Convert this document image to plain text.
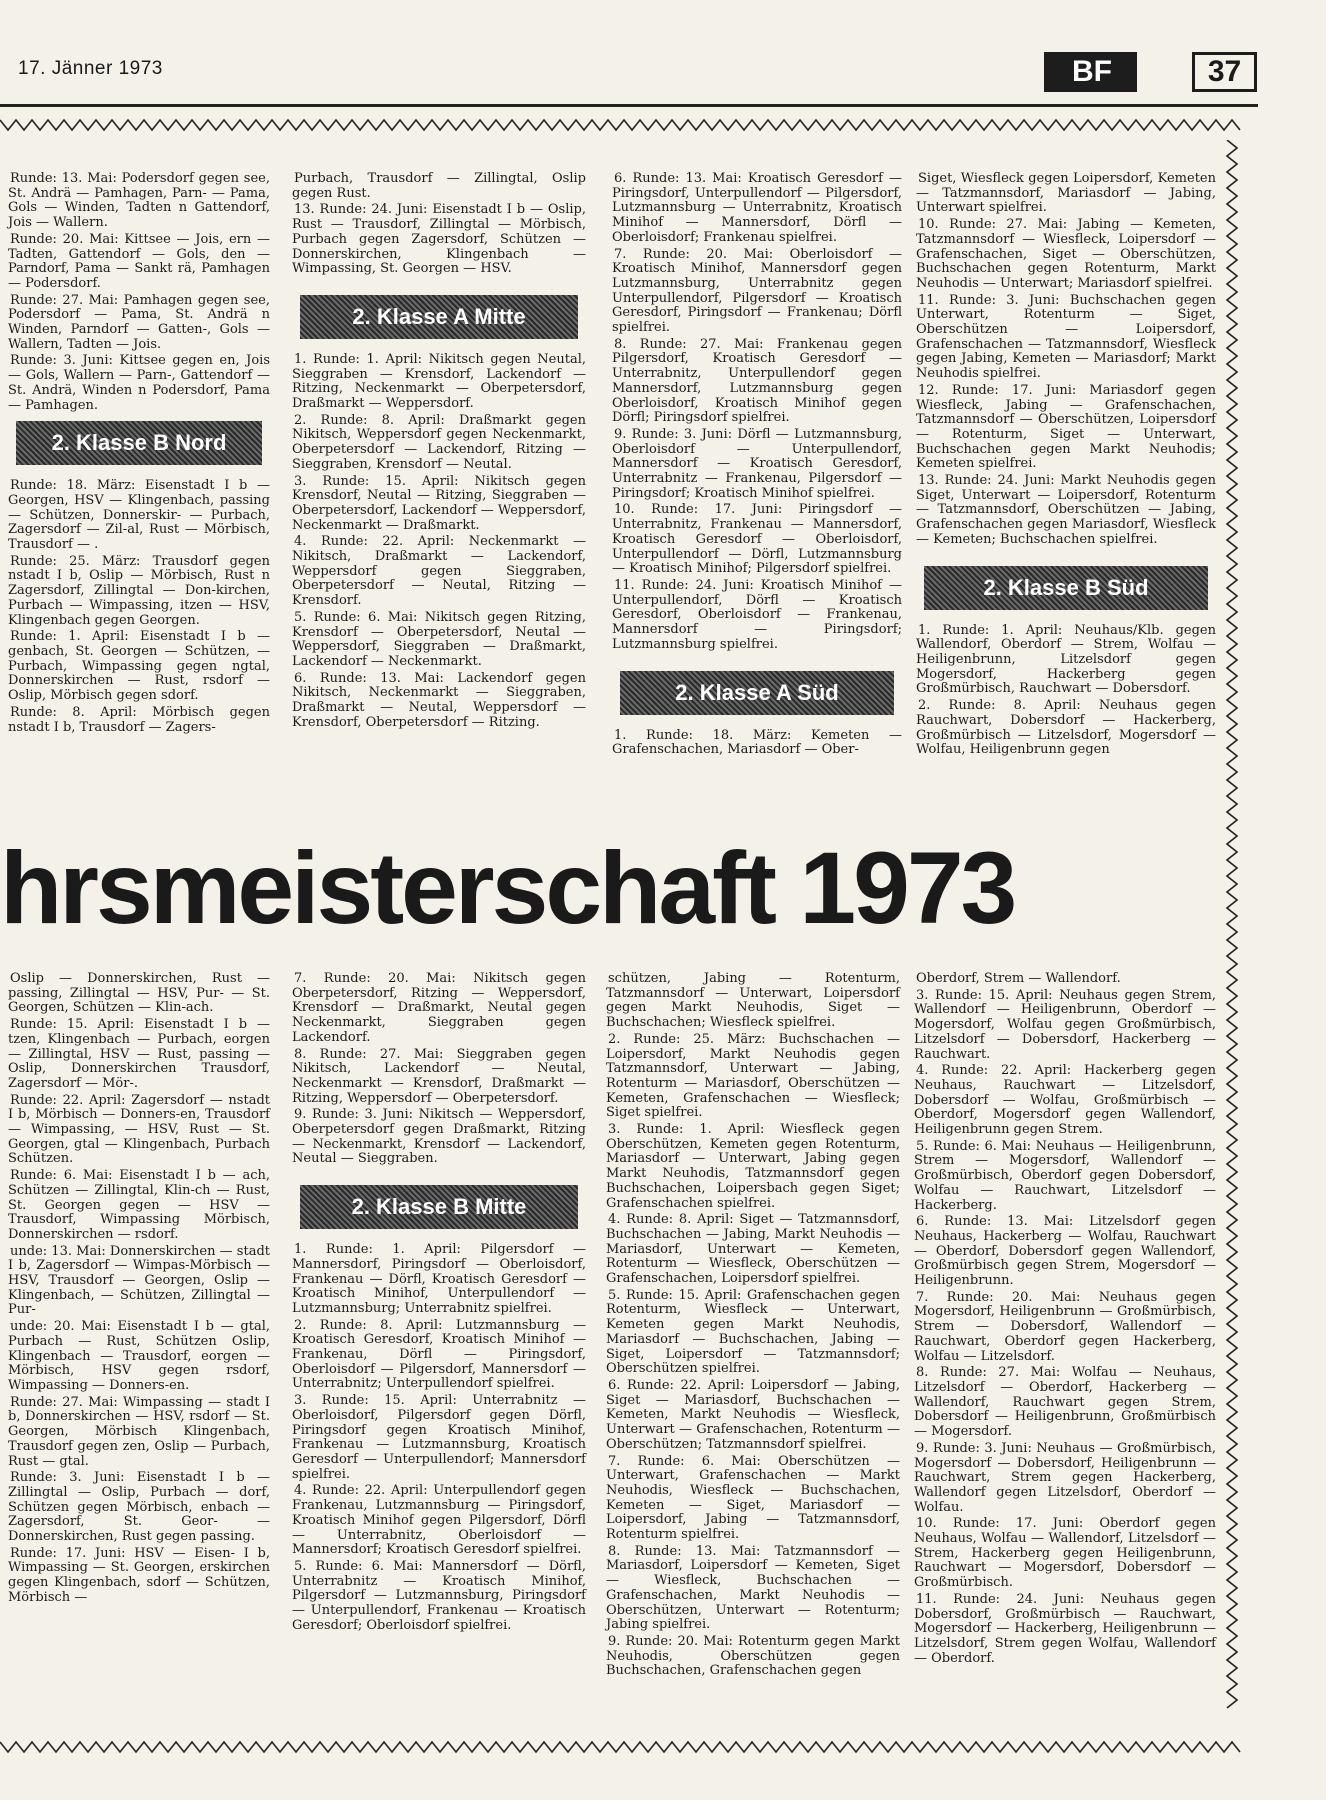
17. Jänner 1973	BF	37

Runde: 13. Mai: Podersdorf gegen see, St. Andrä — Pamhagen, Parn- — Pama, Gols — Winden, Tadten n Gattendorf, Jois — Wallern.

Runde: 20. Mai: Kittsee — Jois, ern — Tadten, Gattendorf — Gols, den — Parndorf, Pama — Sankt rä, Pamhagen — Podersdorf.

Runde: 27. Mai: Pamhagen gegen see, Podersdorf — Pama, St. Andrä n Winden, Parndorf — Gatten-, Gols — Wallern, Tadten — Jois.

Runde: 3. Juni: Kittsee gegen en, Jois — Gols, Wallern — Parn-, Gattendorf — St. Andrä, Winden n Podersdorf, Pama — Pamhagen.

2. Klasse B Nord

Runde: 18. März: Eisenstadt I b — Georgen, HSV — Klingenbach, passing — Schützen, Donnerskir- — Purbach, Zagersdorf — Zil-al, Rust — Mörbisch, Trausdorf — .

Runde: 25. März: Trausdorf gegen nstadt I b, Oslip — Mörbisch, Rust n Zagersdorf, Zillingtal — Don-kirchen, Purbach — Wimpassing, itzen — HSV, Klingenbach gegen Georgen.

Runde: 1. April: Eisenstadt I b — genbach, St. Georgen — Schützen, — Purbach, Wimpassing gegen ngtal, Donnerskirchen — Rust, rsdorf — Oslip, Mörbisch gegen sdorf.

Runde: 8. April: Mörbisch gegen nstadt I b, Trausdorf — Zagers-

Purbach, Trausdorf — Zillingtal, Oslip gegen Rust.

13. Runde: 24. Juni: Eisenstadt I b — Oslip, Rust — Trausdorf, Zillingtal — Mörbisch, Purbach gegen Zagersdorf, Schützen — Donnerskirchen, Klingenbach — Wimpassing, St. Georgen — HSV.

2. Klasse A Mitte

1. Runde: 1. April: Nikitsch gegen Neutal, Sieggraben — Krensdorf, Lackendorf — Ritzing, Neckenmarkt — Oberpetersdorf, Draßmarkt — Weppersdorf.

2. Runde: 8. April: Draßmarkt gegen Nikitsch, Weppersdorf gegen Neckenmarkt, Oberpetersdorf — Lackendorf, Ritzing — Sieggraben, Krensdorf — Neutal.

3. Runde: 15. April: Nikitsch gegen Krensdorf, Neutal — Ritzing, Sieggraben — Oberpetersdorf, Lackendorf — Weppersdorf, Neckenmarkt — Draßmarkt.

4. Runde: 22. April: Neckenmarkt — Nikitsch, Draßmarkt — Lackendorf, Weppersdorf gegen Sieggraben, Oberpetersdorf — Neutal, Ritzing — Krensdorf.

5. Runde: 6. Mai: Nikitsch gegen Ritzing, Krensdorf — Oberpetersdorf, Neutal — Weppersdorf, Sieggraben — Draßmarkt, Lackendorf — Neckenmarkt.

6. Runde: 13. Mai: Lackendorf gegen Nikitsch, Neckenmarkt — Sieggraben, Draßmarkt — Neutal, Weppersdorf — Krensdorf, Oberpetersdorf — Ritzing.

6. Runde: 13. Mai: Kroatisch Geresdorf — Piringsdorf, Unterpullendorf — Pilgersdorf, Lutzmannsburg — Unterrabnitz, Kroatisch Minihof — Mannersdorf, Dörfl — Oberloisdorf; Frankenau spielfrei.

7. Runde: 20. Mai: Oberloisdorf — Kroatisch Minihof, Mannersdorf gegen Lutzmannsburg, Unterrabnitz gegen Unterpullendorf, Pilgersdorf — Kroatisch Geresdorf, Piringsdorf — Frankenau; Dörfl spielfrei.

8. Runde: 27. Mai: Frankenau gegen Pilgersdorf, Kroatisch Geresdorf — Unterrabnitz, Unterpullendorf gegen Mannersdorf, Lutzmannsburg gegen Oberloisdorf, Kroatisch Minihof gegen Dörfl; Piringsdorf spielfrei.

9. Runde: 3. Juni: Dörfl — Lutzmannsburg, Oberloisdorf — Unterpullendorf, Mannersdorf — Kroatisch Geresdorf, Unterrabnitz — Frankenau, Pilgersdorf — Piringsdorf; Kroatisch Minihof spielfrei.

10. Runde: 17. Juni: Piringsdorf — Unterrabnitz, Frankenau — Mannersdorf, Kroatisch Geresdorf — Oberloisdorf, Unterpullendorf — Dörfl, Lutzmannsburg — Kroatisch Minihof; Pilgersdorf spielfrei.

11. Runde: 24. Juni: Kroatisch Minihof — Unterpullendorf, Dörfl — Kroatisch Geresdorf, Oberloisdorf — Frankenau, Mannersdorf — Piringsdorf; Lutzmannsburg spielfrei.

2. Klasse A Süd

1. Runde: 18. März: Kemeten — Grafenschachen, Mariasdorf — Ober-

Siget, Wiesfleck gegen Loipersdorf, Kemeten — Tatzmannsdorf, Mariasdorf — Jabing, Unterwart spielfrei.

10. Runde: 27. Mai: Jabing — Kemeten, Tatzmannsdorf — Wiesfleck, Loipersdorf — Grafenschachen, Siget — Oberschützen, Buchschachen gegen Rotenturm, Markt Neuhodis — Unterwart; Mariasdorf spielfrei.

11. Runde: 3. Juni: Buchschachen gegen Unterwart, Rotenturm — Siget, Oberschützen — Loipersdorf, Grafenschachen — Tatzmannsdorf, Wiesfleck gegen Jabing, Kemeten — Mariasdorf; Markt Neuhodis spielfrei.

12. Runde: 17. Juni: Mariasdorf gegen Wiesfleck, Jabing — Grafenschachen, Tatzmannsdorf — Oberschützen, Loipersdorf — Rotenturm, Siget — Unterwart, Buchschachen gegen Markt Neuhodis; Kemeten spielfrei.

13. Runde: 24. Juni: Markt Neuhodis gegen Siget, Unterwart — Loipersdorf, Rotenturm — Tatzmannsdorf, Oberschützen — Jabing, Grafenschachen gegen Mariasdorf, Wiesfleck — Kemeten; Buchschachen spielfrei.

2. Klasse B Süd

1. Runde: 1. April: Neuhaus/Klb. gegen Wallendorf, Oberdorf — Strem, Wolfau — Heiligenbrunn, Litzelsdorf gegen Mogersdorf, Hackerberg gegen Großmürbisch, Rauchwart — Dobersdorf.

2. Runde: 8. April: Neuhaus gegen Rauchwart, Dobersdorf — Hackerberg, Großmürbisch — Litzelsdorf, Mogersdorf — Wolfau, Heiligenbrunn gegen

hrsmeisterschaft 1973

Oslip — Donnerskirchen, Rust — passing, Zillingtal — HSV, Pur- — St. Georgen, Schützen — Klin-ach.

Runde: 15. April: Eisenstadt I b — tzen, Klingenbach — Purbach, eorgen — Zillingtal, HSV — Rust, passing — Oslip, Donnerskirchen Trausdorf, Zagersdorf — Mör-.

Runde: 22. April: Zagersdorf — nstadt I b, Mörbisch — Donners-en, Trausdorf — Wimpassing, — HSV, Rust — St. Georgen, gtal — Klingenbach, Purbach Schützen.

Runde: 6. Mai: Eisenstadt I b — ach, Schützen — Zillingtal, Klin-ch — Rust, St. Georgen gegen — HSV — Trausdorf, Wimpassing Mörbisch, Donnerskirchen — rsdorf.

unde: 13. Mai: Donnerskirchen — stadt I b, Zagersdorf — Wimpas-Mörbisch — HSV, Trausdorf — Georgen, Oslip — Klingenbach, — Schützen, Zillingtal — Pur-

unde: 20. Mai: Eisenstadt I b — gtal, Purbach — Rust, Schützen Oslip, Klingenbach — Trausdorf, eorgen — Mörbisch, HSV gegen rsdorf, Wimpassing — Donners-en.

Runde: 27. Mai: Wimpassing — stadt I b, Donnerskirchen — HSV, rsdorf — St. Georgen, Mörbisch Klingenbach, Trausdorf gegen zen, Oslip — Purbach, Rust — gtal.

Runde: 3. Juni: Eisenstadt I b — Zillingtal — Oslip, Purbach — dorf, Schützen gegen Mörbisch, enbach — Zagersdorf, St. Geor- — Donnerskirchen, Rust gegen passing.

Runde: 17. Juni: HSV — Eisen- I b, Wimpassing — St. Georgen, erskirchen gegen Klingenbach, sdorf — Schützen, Mörbisch —

7. Runde: 20. Mai: Nikitsch gegen Oberpetersdorf, Ritzing — Weppersdorf, Krensdorf — Draßmarkt, Neutal gegen Neckenmarkt, Sieggraben gegen Lackendorf.

8. Runde: 27. Mai: Sieggraben gegen Nikitsch, Lackendorf — Neutal, Neckenmarkt — Krensdorf, Draßmarkt — Ritzing, Weppersdorf — Oberpetersdorf.

9. Runde: 3. Juni: Nikitsch — Weppersdorf, Oberpetersdorf gegen Draßmarkt, Ritzing — Neckenmarkt, Krensdorf — Lackendorf, Neutal — Sieggraben.

2. Klasse B Mitte

1. Runde: 1. April: Pilgersdorf — Mannersdorf, Piringsdorf — Oberloisdorf, Frankenau — Dörfl, Kroatisch Geresdorf — Kroatisch Minihof, Unterpullendorf — Lutzmannsburg; Unterrabnitz spielfrei.

2. Runde: 8. April: Lutzmannsburg — Kroatisch Geresdorf, Kroatisch Minihof — Frankenau, Dörfl — Piringsdorf, Oberloisdorf — Pilgersdorf, Mannersdorf — Unterrabnitz; Unterpullendorf spielfrei.

3. Runde: 15. April: Unterrabnitz — Oberloisdorf, Pilgersdorf gegen Dörfl, Piringsdorf gegen Kroatisch Minihof, Frankenau — Lutzmannsburg, Kroatisch Geresdorf — Unterpullendorf; Mannersdorf spielfrei.

4. Runde: 22. April: Unterpullendorf gegen Frankenau, Lutzmannsburg — Piringsdorf, Kroatisch Minihof gegen Pilgersdorf, Dörfl — Unterrabnitz, Oberloisdorf — Mannersdorf; Kroatisch Geresdorf spielfrei.

5. Runde: 6. Mai: Mannersdorf — Dörfl, Unterrabnitz — Kroatisch Minihof, Pilgersdorf — Lutzmannsburg, Piringsdorf — Unterpullendorf, Frankenau — Kroatisch Geresdorf; Oberloisdorf spielfrei.

schützen, Jabing — Rotenturm, Tatzmannsdorf — Unterwart, Loipersdorf gegen Markt Neuhodis, Siget — Buchschachen; Wiesfleck spielfrei.

2. Runde: 25. März: Buchschachen — Loipersdorf, Markt Neuhodis gegen Tatzmannsdorf, Unterwart — Jabing, Rotenturm — Mariasdorf, Oberschützen — Kemeten, Grafenschachen — Wiesfleck; Siget spielfrei.

3. Runde: 1. April: Wiesfleck gegen Oberschützen, Kemeten gegen Rotenturm, Mariasdorf — Unterwart, Jabing gegen Markt Neuhodis, Tatzmannsdorf gegen Buchschachen, Loipersbach gegen Siget; Grafenschachen spielfrei.

4. Runde: 8. April: Siget — Tatzmannsdorf, Buchschachen — Jabing, Markt Neuhodis — Mariasdorf, Unterwart — Kemeten, Rotenturm — Wiesfleck, Oberschützen — Grafenschachen, Loipersdorf spielfrei.

5. Runde: 15. April: Grafenschachen gegen Rotenturm, Wiesfleck — Unterwart, Kemeten gegen Markt Neuhodis, Mariasdorf — Buchschachen, Jabing — Siget, Loipersdorf — Tatzmannsdorf; Oberschützen spielfrei.

6. Runde: 22. April: Loipersdorf — Jabing, Siget — Mariasdorf, Buchschachen — Kemeten, Markt Neuhodis — Wiesfleck, Unterwart — Grafenschachen, Rotenturm — Oberschützen; Tatzmannsdorf spielfrei.

7. Runde: 6. Mai: Oberschützen — Unterwart, Grafenschachen — Markt Neuhodis, Wiesfleck — Buchschachen, Kemeten — Siget, Mariasdorf — Loipersdorf, Jabing — Tatzmannsdorf, Rotenturm spielfrei.

8. Runde: 13. Mai: Tatzmannsdorf — Mariasdorf, Loipersdorf — Kemeten, Siget — Wiesfleck, Buchschachen — Grafenschachen, Markt Neuhodis — Oberschützen, Unterwart — Rotenturm; Jabing spielfrei.

9. Runde: 20. Mai: Rotenturm gegen Markt Neuhodis, Oberschützen gegen Buchschachen, Grafenschachen gegen

Oberdorf, Strem — Wallendorf.

3. Runde: 15. April: Neuhaus gegen Strem, Wallendorf — Heiligenbrunn, Oberdorf — Mogersdorf, Wolfau gegen Großmürbisch, Litzelsdorf — Dobersdorf, Hackerberg — Rauchwart.

4. Runde: 22. April: Hackerberg gegen Neuhaus, Rauchwart — Litzelsdorf, Dobersdorf — Wolfau, Großmürbisch — Oberdorf, Mogersdorf gegen Wallendorf, Heiligenbrunn gegen Strem.

5. Runde: 6. Mai: Neuhaus — Heiligenbrunn, Strem — Mogersdorf, Wallendorf — Großmürbisch, Oberdorf gegen Dobersdorf, Wolfau — Rauchwart, Litzelsdorf — Hackerberg.

6. Runde: 13. Mai: Litzelsdorf gegen Neuhaus, Hackerberg — Wolfau, Rauchwart — Oberdorf, Dobersdorf gegen Wallendorf, Großmürbisch gegen Strem, Mogersdorf — Heiligenbrunn.

7. Runde: 20. Mai: Neuhaus gegen Mogersdorf, Heiligenbrunn — Großmürbisch, Strem — Dobersdorf, Wallendorf — Rauchwart, Oberdorf gegen Hackerberg, Wolfau — Litzelsdorf.

8. Runde: 27. Mai: Wolfau — Neuhaus, Litzelsdorf — Oberdorf, Hackerberg — Wallendorf, Rauchwart gegen Strem, Dobersdorf — Heiligenbrunn, Großmürbisch — Mogersdorf.

9. Runde: 3. Juni: Neuhaus — Großmürbisch, Mogersdorf — Dobersdorf, Heiligenbrunn — Rauchwart, Strem gegen Hackerberg, Wallendorf gegen Litzelsdorf, Oberdorf — Wolfau.

10. Runde: 17. Juni: Oberdorf gegen Neuhaus, Wolfau — Wallendorf, Litzelsdorf — Strem, Hackerberg gegen Heiligenbrunn, Rauchwart — Mogersdorf, Dobersdorf — Großmürbisch.

11. Runde: 24. Juni: Neuhaus gegen Dobersdorf, Großmürbisch — Rauchwart, Mogersdorf — Hackerberg, Heiligenbrunn — Litzelsdorf, Strem gegen Wolfau, Wallendorf — Oberdorf.
